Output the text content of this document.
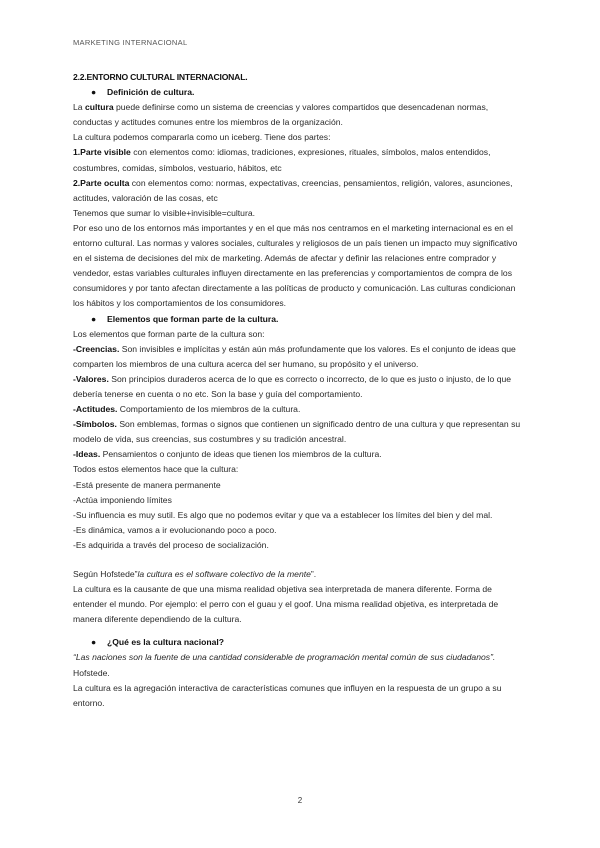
MARKETING INTERNACIONAL

2.2.ENTORNO CULTURAL INTERNACIONAL.

● Definición de cultura.

La cultura puede definirse como un sistema de creencias y valores compartidos que desencadenan normas, conductas y actitudes comunes entre los miembros de la organización.

La cultura podemos compararla como un iceberg. Tiene dos partes:

1.Parte visible con elementos como: idiomas, tradiciones, expresiones, rituales, símbolos, malos entendidos, costumbres, comidas, símbolos, vestuario, hábitos, etc

2.Parte oculta con elementos como: normas, expectativas, creencias, pensamientos, religión, valores, asunciones, actitudes, valoración de las cosas, etc

Tenemos que sumar lo visible+invisible=cultura.

Por eso uno de los entornos más importantes y en el que más nos centramos en el marketing internacional es en el entorno cultural. Las normas y valores sociales, culturales y religiosos de un país tienen un impacto muy significativo en el sistema de decisiones del mix de marketing. Además de afectar y definir las relaciones entre comprador y vendedor, estas variables culturales influyen directamente en las preferencias y comportamientos de compra de los consumidores y por tanto afectan directamente a las políticas de producto y comunicación. Las culturas condicionan los hábitos y los comportamientos de los consumidores.

● Elementos que forman parte de la cultura.

Los elementos que forman parte de la cultura son:

-Creencias. Son invisibles e implícitas y están aún más profundamente que los valores. Es el conjunto de ideas que comparten los miembros de una cultura acerca del ser humano, su propósito y el universo.

-Valores. Son principios duraderos acerca de lo que es correcto o incorrecto, de lo que es justo o injusto, de lo que debería tenerse en cuenta o no etc. Son la base y guía del comportamiento.

-Actitudes. Comportamiento de los miembros de la cultura.

-Símbolos. Son emblemas, formas o signos que contienen un significado dentro de una cultura y que representan su modelo de vida, sus creencias, sus costumbres y su tradición ancestral.

-Ideas. Pensamientos o conjunto de ideas que tienen los miembros de la cultura.

Todos estos elementos hace que la cultura:

-Está presente de manera permanente

-Actúa imponiendo límites

-Su influencia es muy sutil. Es algo que no podemos evitar y que va a establecer los límites del bien y del mal.

-Es dinámica, vamos a ir evolucionando poco a poco.

-Es adquirida a través del proceso de socialización.

Según Hofstede”la cultura es el software colectivo de la mente”.

La cultura es la causante de que una misma realidad objetiva sea interpretada de manera diferente. Forma de entender el mundo. Por ejemplo: el perro con el guau y el goof. Una misma realidad objetiva, es interpretada de manera diferente dependiendo de la cultura.

● ¿Qué es la cultura nacional?

“Las naciones son la fuente de una cantidad considerable de programación mental común de sus ciudadanos”. Hofstede.

La cultura es la agregación interactiva de características comunes que influyen en la respuesta de un grupo a su entorno.

2
